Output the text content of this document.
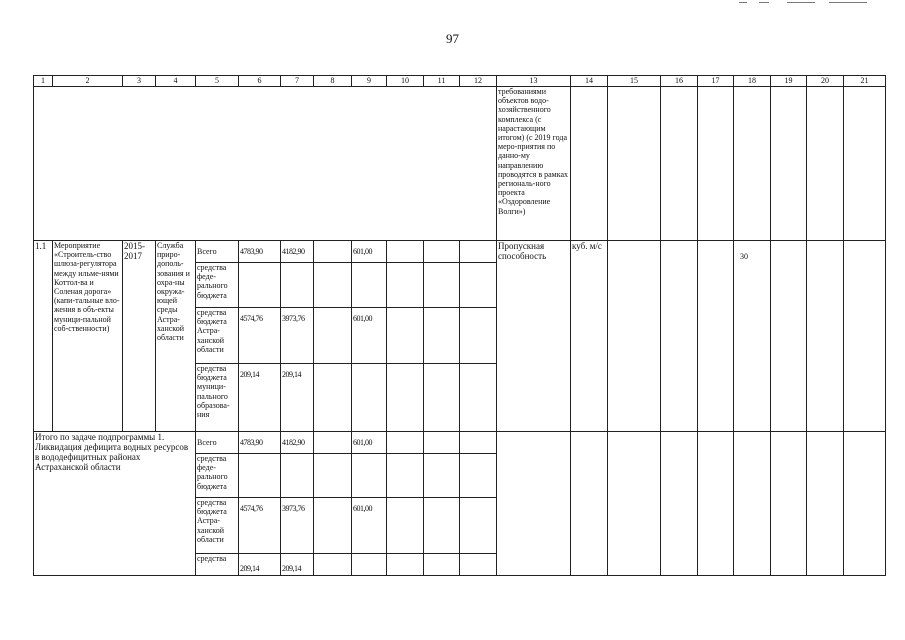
97
1	2	3	4	5	6	7	8	9	10	11	12	13	14	15	16	17	18	19	20	21
												требованиями объектов водо-хозяйственного комплекса (с нарастающим итогом) (с 2019 года меро-приятия по данно-му направлению проводятся в рамках региональ-ного проекта «Оздоровление Волги»)								
1.1	Мероприятие «Строитель-ство шлюза-регулятора между ильме-нями Коттол-ва и Соленая дорога» (капи-тальные вло-жения в объ-екты муници-пальной соб-ственности)	2015-2017	Служба приро-дополь-зования и охра-ны окружа-ющей среды Астра-ханской области	Всего	4783,90	4182,90		601,00				Пропускная способность	куб. м/с				30			
				средства феде-рального бюджета																
				средства бюджета Астра-ханской области	4574,76	3973,76		601,00												
				средства бюджета муници-пального образова-ния	209,14	209,14														
Итого по задаче подпрограммы 1. Ликвидация дефицита водных ресурсов в вододефицитных районах Астраханской области				Всего	4783,90	4182,90		601,00												
				средства феде-рального бюджета																
				средства бюджета Астра-ханской области	4574,76	3973,76		601,00												
				средства	209,14	209,14														
